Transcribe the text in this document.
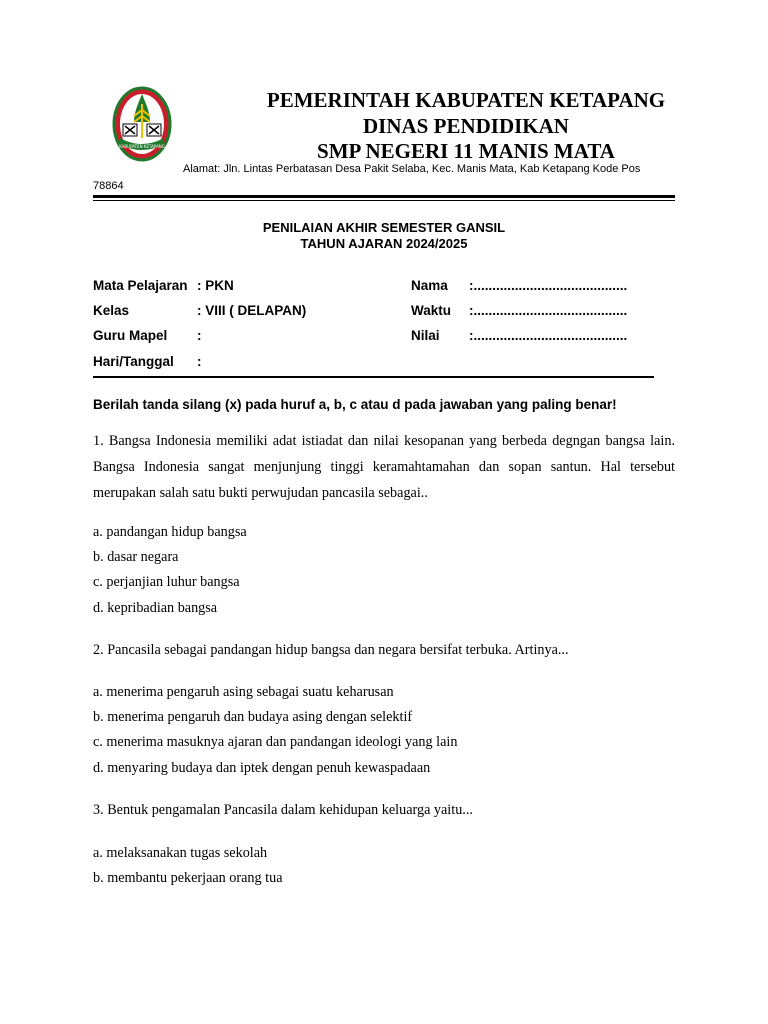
KABUPATEN KETAPANG
PEMERINTAH KABUPATEN KETAPANG
DINAS PENDIDIKAN
SMP NEGERI 11 MANIS MATA
Alamat: Jln. Lintas Perbatasan Desa Pakit Selaba, Kec. Manis Mata, Kab Ketapang Kode Pos
78864
PENILAIAN AKHIR SEMESTER GANSIL
TAHUN AJARAN 2024/2025
Mata Pelajaran : PKN
Kelas	: VIII ( DELAPAN)
Guru Mapel :
Hari/Tanggal :
Nama :.........................................
Waktu :.........................................
Nilai :.........................................
Berilah tanda silang (x) pada huruf a, b, c atau d pada jawaban yang paling benar!
1. Bangsa Indonesia memiliki adat istiadat dan nilai kesopanan yang berbeda degngan bangsa lain. Bangsa Indonesia sangat menjunjung tinggi keramahtamahan dan sopan santun. Hal tersebut merupakan salah satu bukti perwujudan pancasila sebagai..
a. pandangan hidup bangsa
b. dasar negara
c. perjanjian luhur bangsa
d. kepribadian bangsa
2. Pancasila sebagai pandangan hidup bangsa dan negara bersifat terbuka. Artinya...
a. menerima pengaruh asing sebagai suatu keharusan
b. menerima pengaruh dan budaya asing dengan selektif
c. menerima masuknya ajaran dan pandangan ideologi yang lain
d. menyaring budaya dan iptek dengan penuh kewaspadaan
3. Bentuk pengamalan Pancasila dalam kehidupan keluarga yaitu...
a. melaksanakan tugas sekolah
b. membantu pekerjaan orang tua
